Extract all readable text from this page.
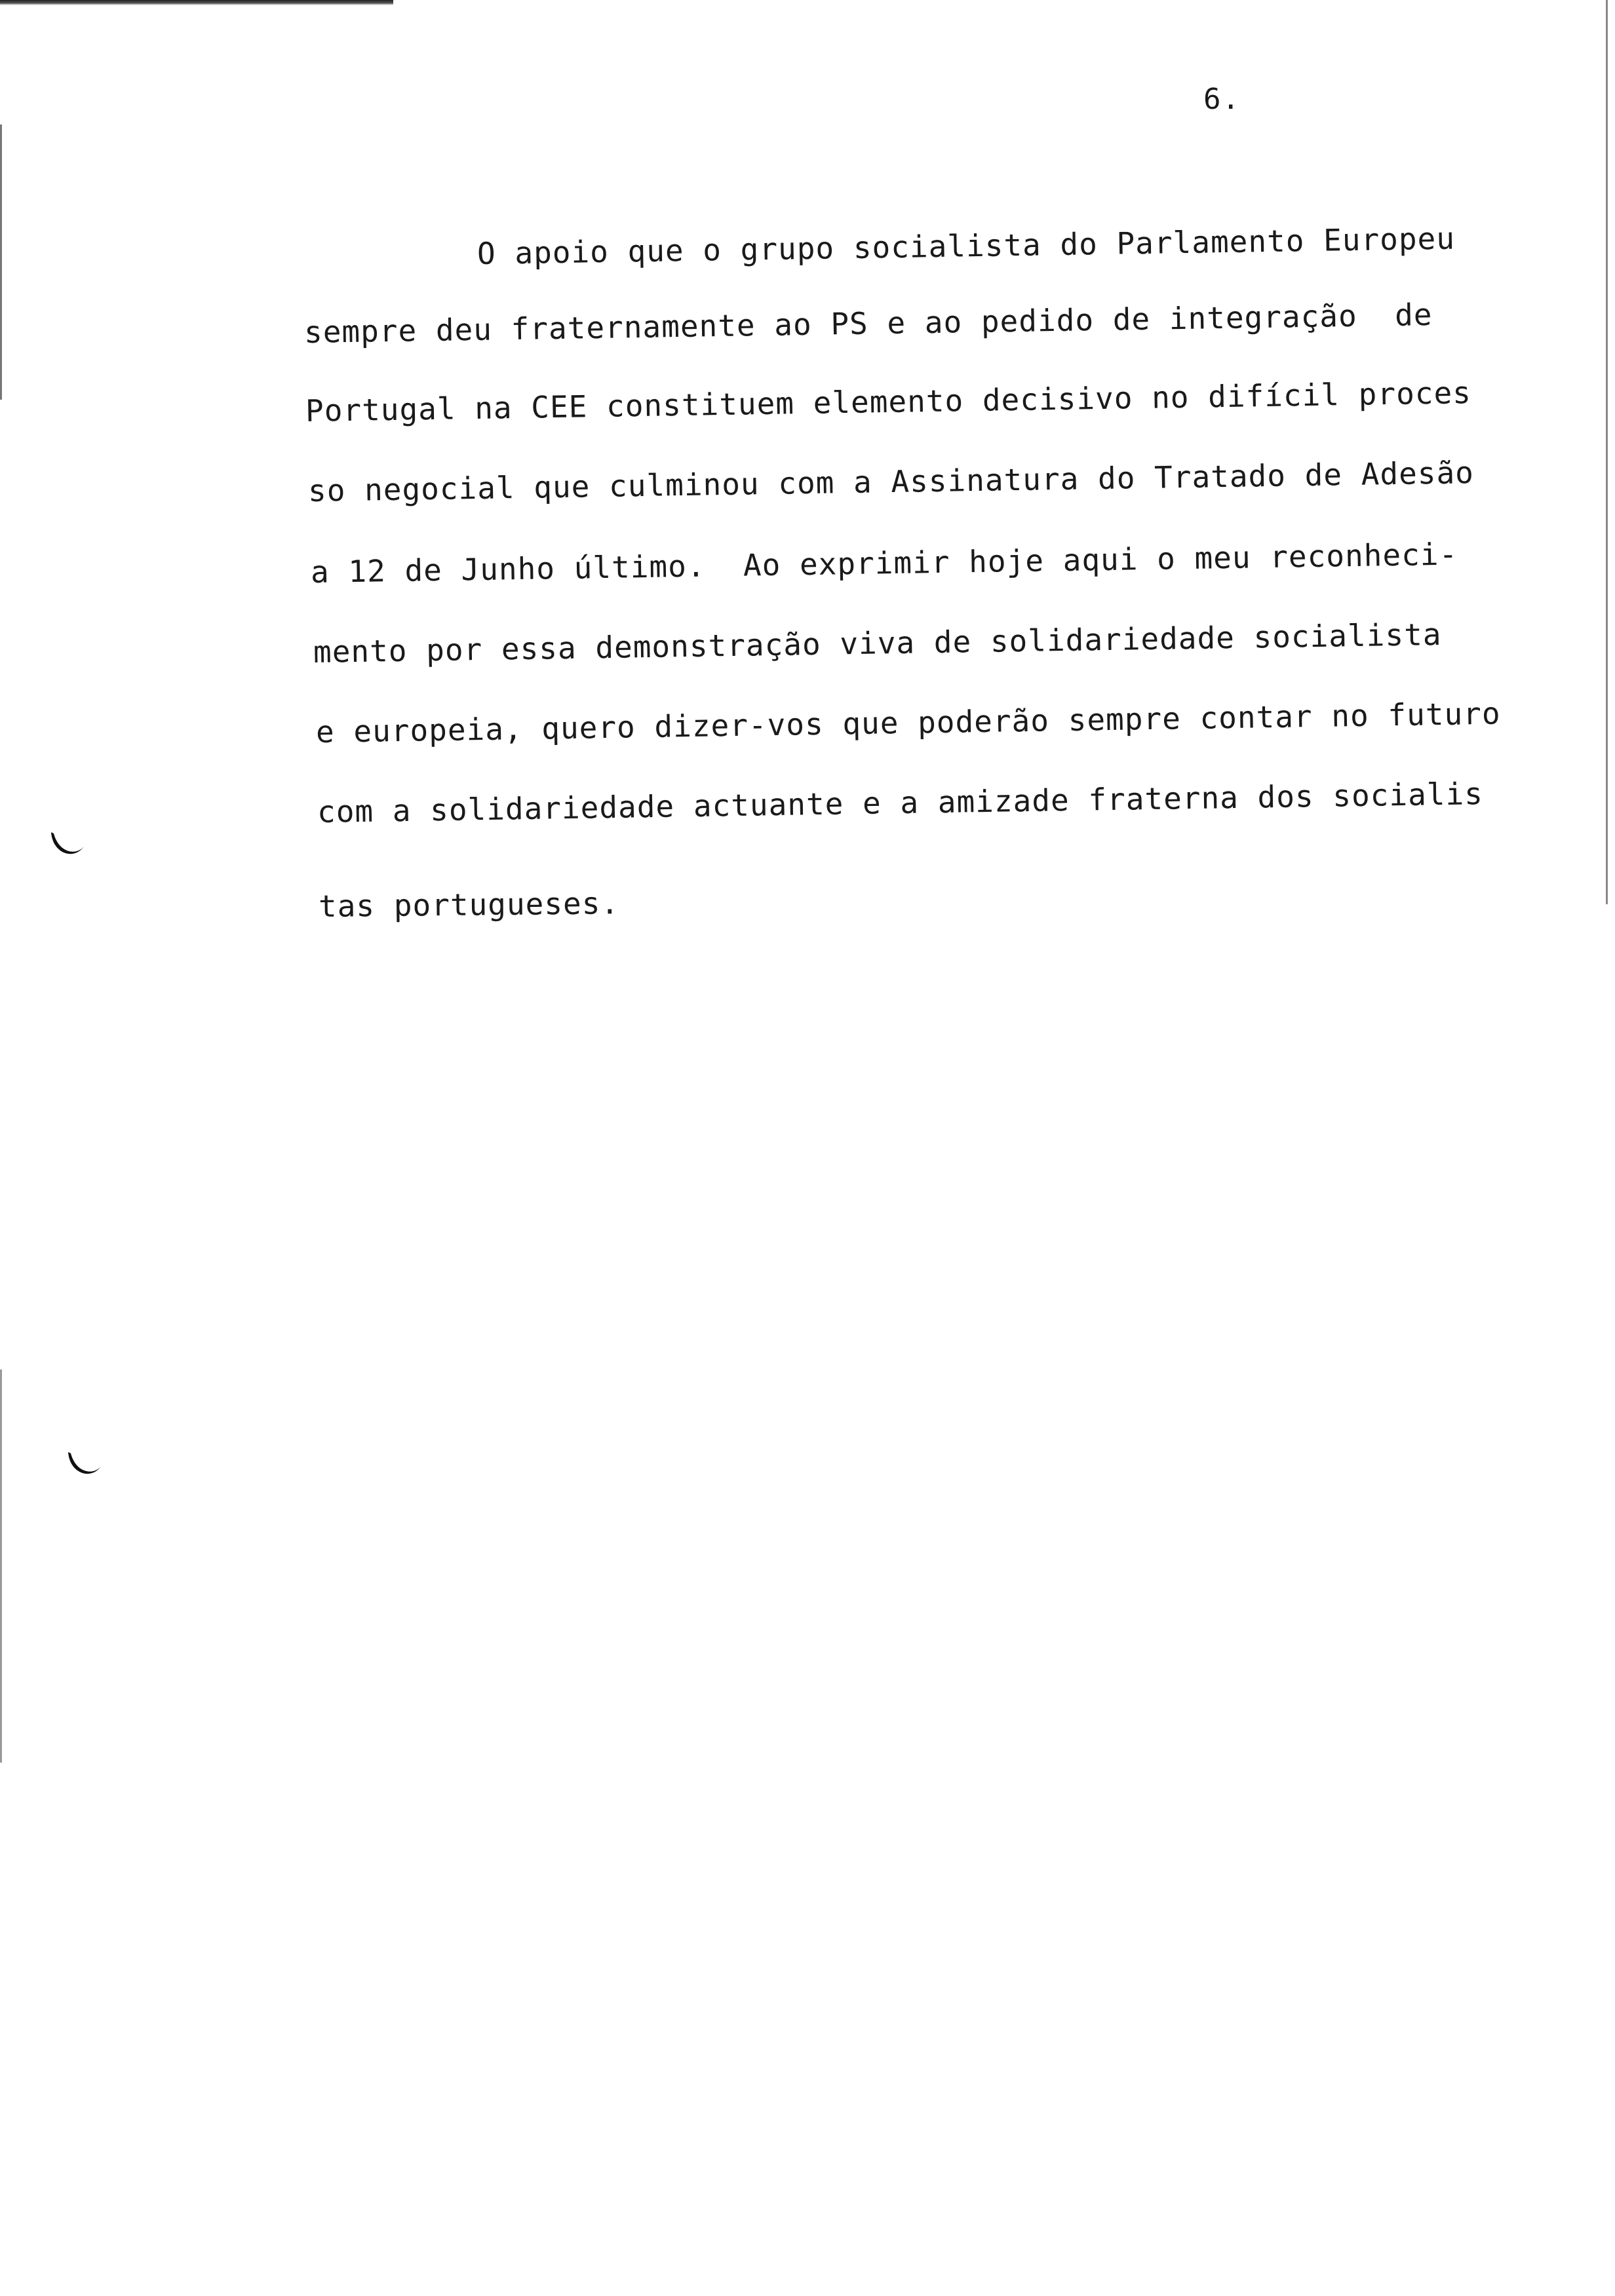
6.
O apoio que o grupo socialista do Parlamento Europeu
sempre deu fraternamente ao PS e ao pedido de integração  de
Portugal na CEE constituem elemento decisivo no difícil proces
so negocial que culminou com a Assinatura do Tratado de Adesão
a 12 de Junho último.  Ao exprimir hoje aqui o meu reconheci-
mento por essa demonstração viva de solidariedade socialista
e europeia, quero dizer-vos que poderão sempre contar no futuro
com a solidariedade actuante e a amizade fraterna dos socialis
tas portugueses.
